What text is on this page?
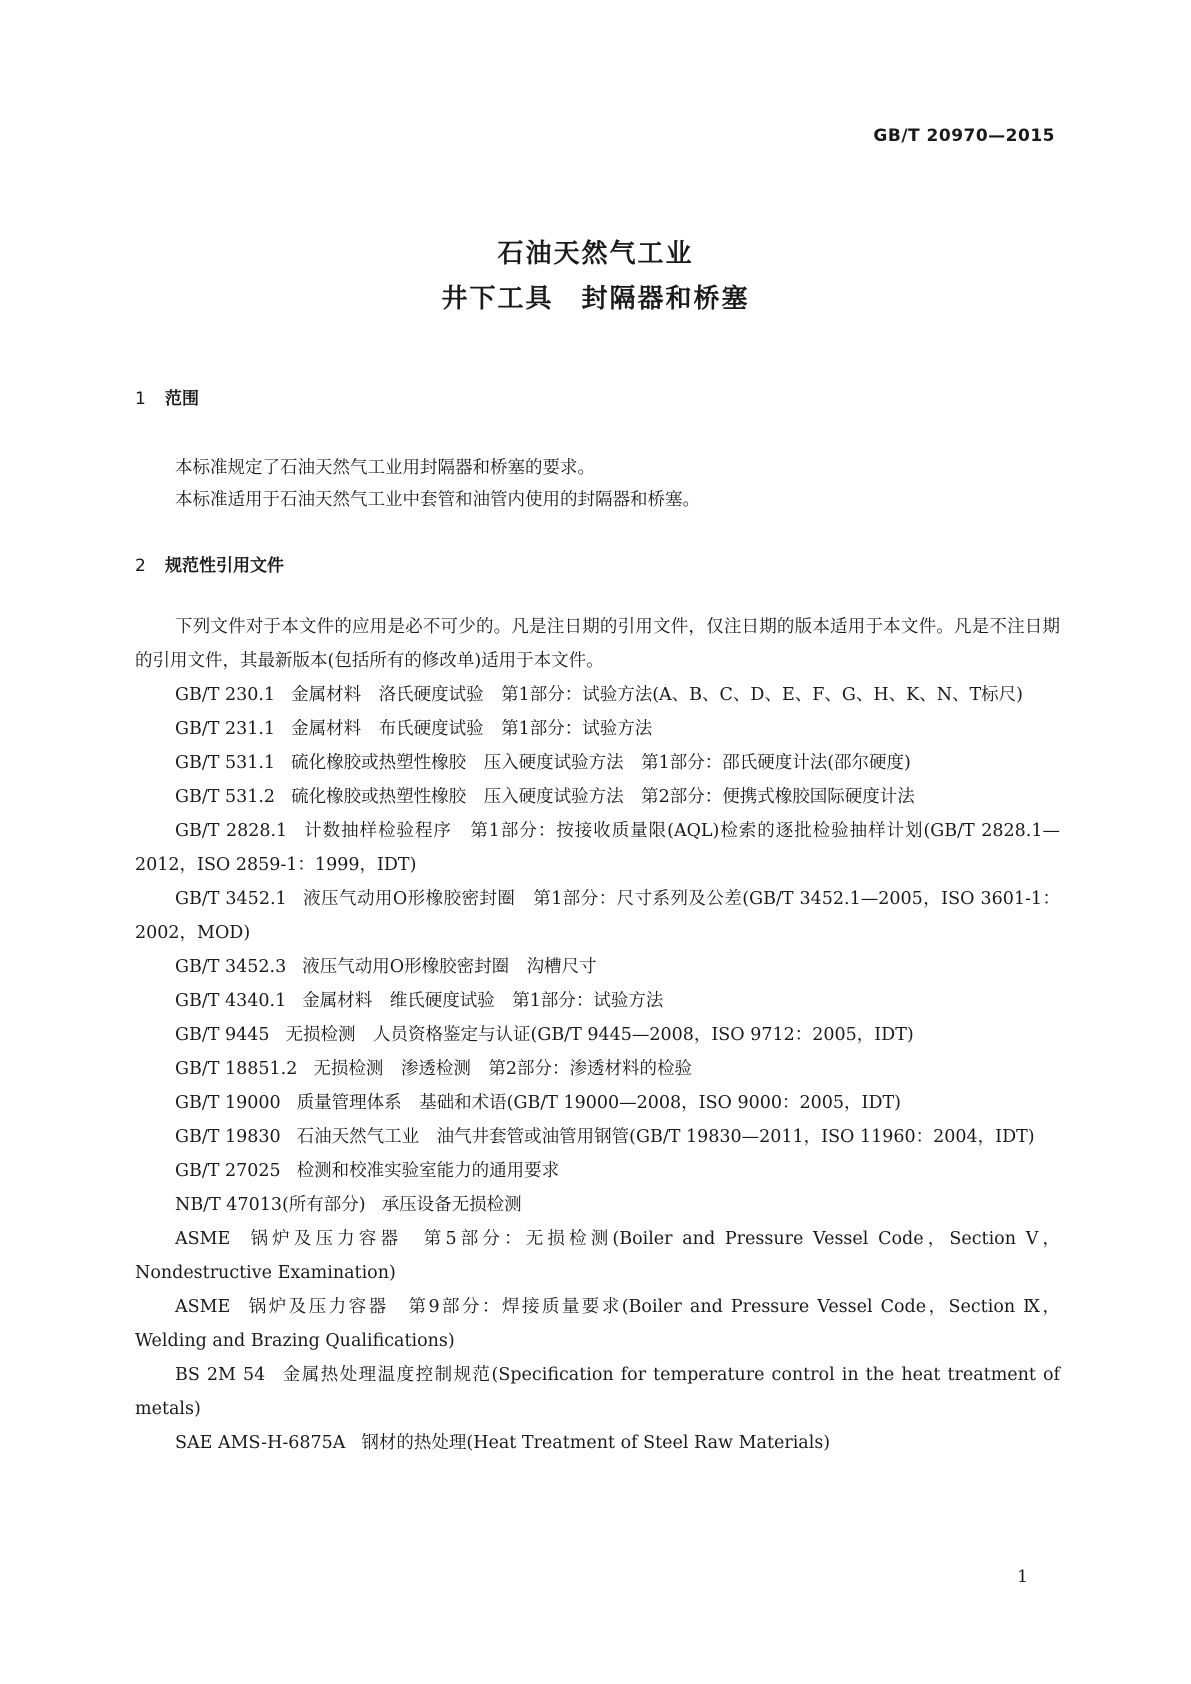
GB/T 20970—2015
石油天然气工业
井下工具　封隔器和桥塞
1 范围

本标准规定了石油天然气工业用封隔器和桥塞的要求。

本标准适用于石油天然气工业中套管和油管内使用的封隔器和桥塞。

2 规范性引用文件

下列文件对于本文件的应用是必不可少的。凡是注日期的引用文件，仅注日期的版本适用于本文件。凡是不注日期的引用文件，其最新版本(包括所有的修改单)适用于本文件。

GB/T 230.1 金属材料　洛氏硬度试验　第1部分：试验方法(A、B、C、D、E、F、G、H、K、N、T标尺)

GB/T 231.1 金属材料　布氏硬度试验　第1部分：试验方法

GB/T 531.1 硫化橡胶或热塑性橡胶　压入硬度试验方法　第1部分：邵氏硬度计法(邵尔硬度)

GB/T 531.2 硫化橡胶或热塑性橡胶　压入硬度试验方法　第2部分：便携式橡胶国际硬度计法

GB/T 2828.1 计数抽样检验程序　第1部分：按接收质量限(AQL)检索的逐批检验抽样计划(GB/T 2828.1—2012，ISO 2859-1：1999，IDT)

GB/T 3452.1 液压气动用O形橡胶密封圈　第1部分：尺寸系列及公差(GB/T 3452.1—2005，ISO 3601-1：2002，MOD)

GB/T 3452.3 液压气动用O形橡胶密封圈　沟槽尺寸

GB/T 4340.1 金属材料　维氏硬度试验　第1部分：试验方法

GB/T 9445 无损检测　人员资格鉴定与认证(GB/T 9445—2008，ISO 9712：2005，IDT)

GB/T 18851.2 无损检测　渗透检测　第2部分：渗透材料的检验

GB/T 19000 质量管理体系　基础和术语(GB/T 19000—2008，ISO 9000：2005，IDT)

GB/T 19830 石油天然气工业　油气井套管或油管用钢管(GB/T 19830—2011，ISO 11960：2004，IDT)

GB/T 27025 检测和校准实验室能力的通用要求

NB/T 47013(所有部分) 承压设备无损检测

ASME 锅炉及压力容器　第5部分：无损检测(Boiler and Pressure Vessel Code，Section Ⅴ，Nondestructive Examination)

ASME 锅炉及压力容器　第9部分：焊接质量要求(Boiler and Pressure Vessel Code，Section Ⅸ，Welding and Brazing Qualifications)

BS 2M 54 金属热处理温度控制规范(Specification for temperature control in the heat treatment of metals)

SAE AMS-H-6875A 钢材的热处理(Heat Treatment of Steel Raw Materials)

1
